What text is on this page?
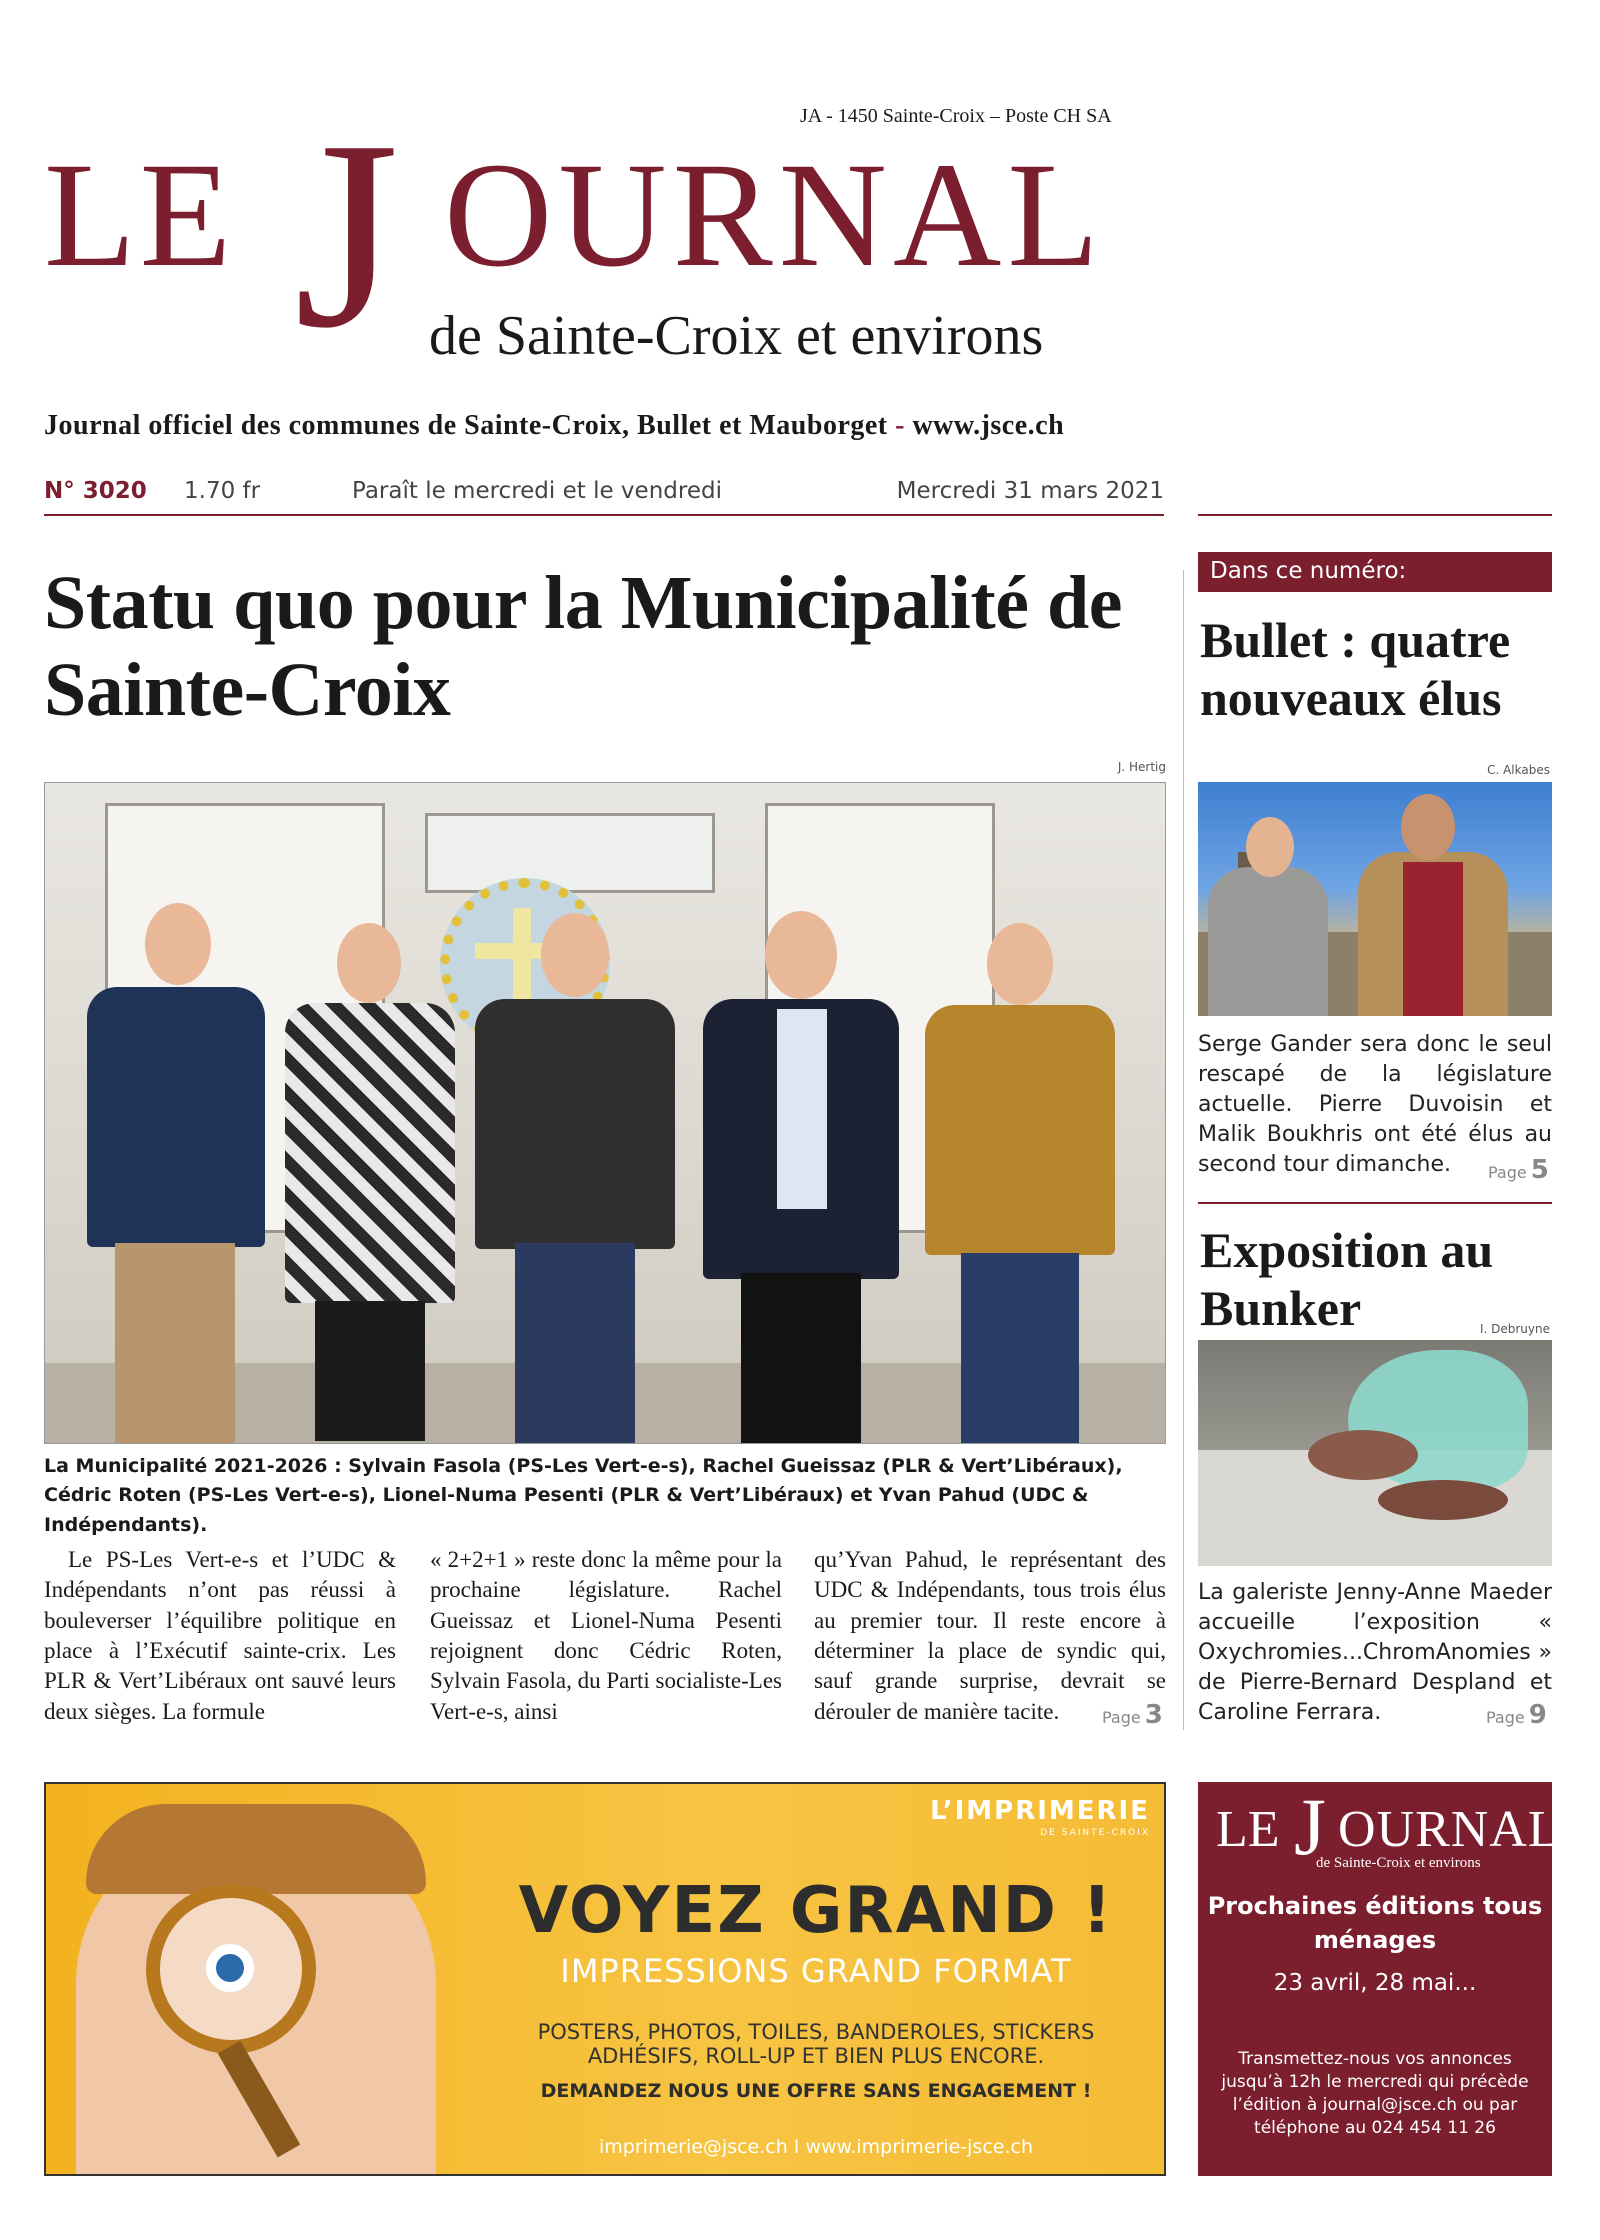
JA - 1450 Sainte-Croix – Poste CH SA
LE J OURNAL
de Sainte-Croix et environs
Journal officiel des communes de Sainte-Croix, Bullet et Mauborget - www.jsce.ch
N° 3020 1.70 fr	Paraît le mercredi et le vendredi	Mercredi 31 mars 2021
Statu quo pour la Municipalité de Sainte-Croix
J. Hertig
La Municipalité 2021-2026 : Sylvain Fasola (PS-Les Vert-e-s), Rachel Gueissaz (PLR & Vert’Libéraux), Cédric Roten (PS-Les Vert-e-s), Lionel-Numa Pesenti (PLR & Vert’Libéraux) et Yvan Pahud (UDC & Indépendants).
Le PS-Les Vert-e-s et l’UDC & Indépendants n’ont pas réussi à bouleverser l’équilibre politique en place à l’Exécutif sainte-crix. Les PLR & Vert’Libéraux ont sauvé leurs deux sièges. La formule
« 2+2+1 » reste donc la même pour la prochaine législature. Rachel Gueissaz et Lionel-Numa Pesenti rejoignent donc Cédric Roten, Sylvain Fasola, du Parti socialiste-Les Vert-e-s, ainsi
qu’Yvan Pahud, le représentant des UDC & Indépendants, tous trois élus au premier tour. Il reste encore à déterminer la place de syndic qui, sauf grande surprise, devrait se dérouler de manière tacite.	Page 3
Dans ce numéro:
Bullet : quatre nouveaux élus
C. Alkabes
Serge Gander sera donc le seul rescapé de la législature actuelle. Pierre Duvoisin et Malik Boukhris ont été élus au second tour dimanche.	Page 5
Exposition au Bunker	I. Debruyne
La galeriste Jenny-Anne Maeder accueille l’exposition « Oxychromies...ChromAnomies » de Pierre-Bernard Despland et Caroline Ferrara.	Page 9
L’IMPRIMERIE
DE SAINTE-CROIX
VOYEZ GRAND !
IMPRESSIONS GRAND FORMAT
POSTERS, PHOTOS, TOILES, BANDEROLES, STICKERS ADHÉSIFS, ROLL-UP ET BIEN PLUS ENCORE.
DEMANDEZ NOUS UNE OFFRE SANS ENGAGEMENT !
imprimerie@jsce.ch I www.imprimerie-jsce.ch
LE J OURNAL
de Sainte-Croix et environs
Prochaines éditions tous ménages
23 avril, 28 mai...
Transmettez-nous vos annonces jusqu’à 12h le mercredi qui précède l’édition à journal@jsce.ch ou par téléphone au 024 454 11 26
